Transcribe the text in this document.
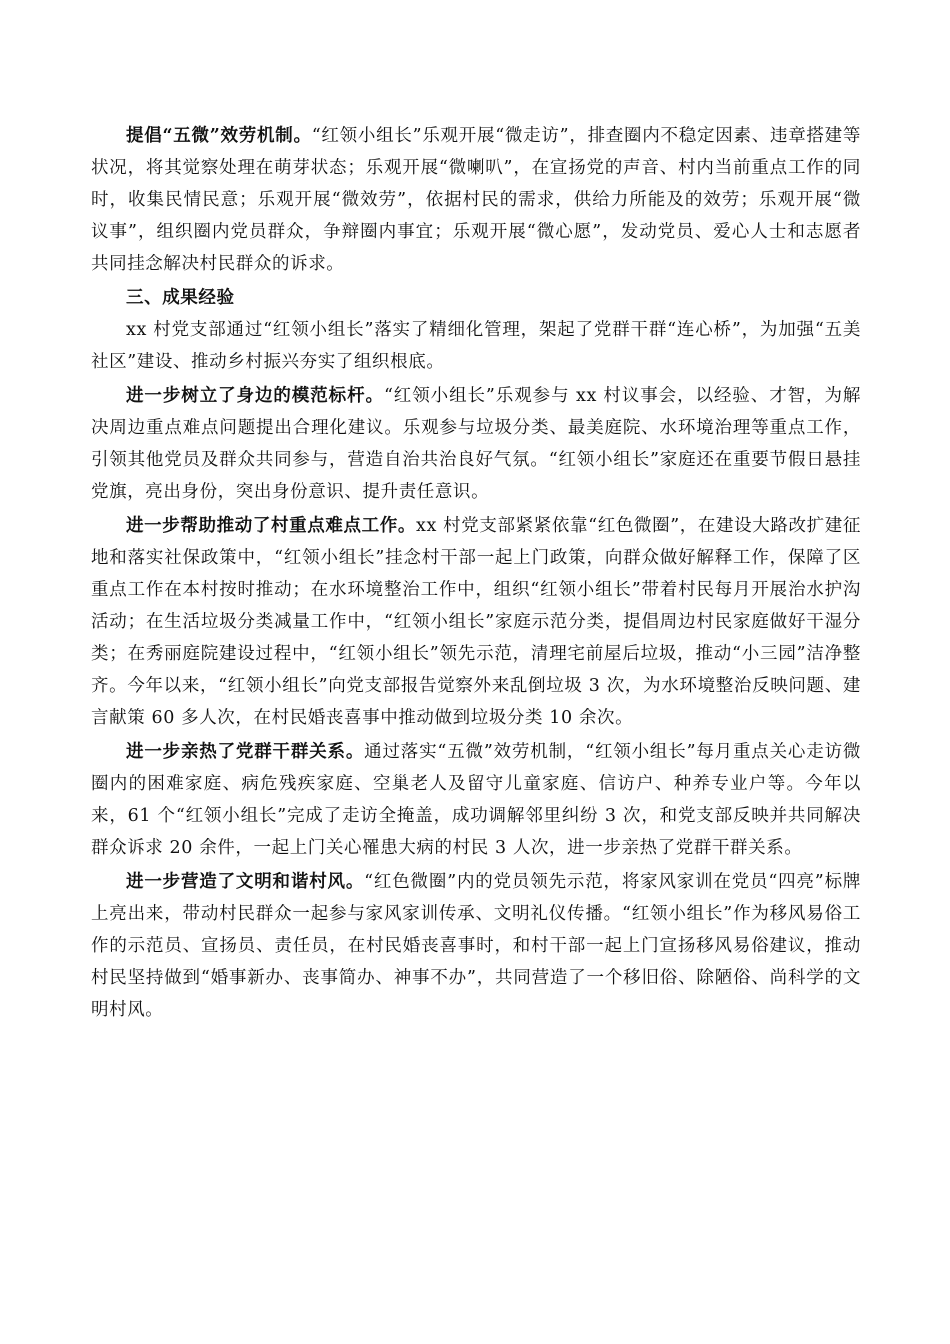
提倡“五微”效劳机制。“红领小组长”乐观开展“微走访”，排查圈内不稳定因素、违章搭建等状况，将其觉察处理在萌芽状态；乐观开展“微喇叭”，在宣扬党的声音、村内当前重点工作的同时，收集民情民意；乐观开展“微效劳”，依据村民的需求，供给力所能及的效劳；乐观开展“微议事”，组织圈内党员群众，争辩圈内事宜；乐观开展“微心愿”，发动党员、爱心人士和志愿者共同挂念解决村民群众的诉求。

三、成果经验

xx 村党支部通过“红领小组长”落实了精细化管理，架起了党群干群“连心桥”，为加强“五美社区”建设、推动乡村振兴夯实了组织根底。

进一步树立了身边的模范标杆。“红领小组长”乐观参与 xx 村议事会，以经验、才智，为解决周边重点难点问题提出合理化建议。乐观参与垃圾分类、最美庭院、水环境治理等重点工作，引领其他党员及群众共同参与，营造自治共治良好气氛。“红领小组长”家庭还在重要节假日悬挂党旗，亮出身份，突出身份意识、提升责任意识。

进一步帮助推动了村重点难点工作。xx 村党支部紧紧依靠“红色微圈”，在建设大路改扩建征地和落实社保政策中，“红领小组长”挂念村干部一起上门政策，向群众做好解释工作，保障了区重点工作在本村按时推动；在水环境整治工作中，组织“红领小组长”带着村民每月开展治水护沟活动；在生活垃圾分类减量工作中，“红领小组长”家庭示范分类，提倡周边村民家庭做好干湿分类；在秀丽庭院建设过程中，“红领小组长”领先示范，清理宅前屋后垃圾，推动“小三园”洁净整齐。今年以来，“红领小组长”向党支部报告觉察外来乱倒垃圾 3 次，为水环境整治反映问题、建言献策 60 多人次，在村民婚丧喜事中推动做到垃圾分类 10 余次。

进一步亲热了党群干群关系。通过落实“五微”效劳机制，“红领小组长”每月重点关心走访微圈内的困难家庭、病危残疾家庭、空巢老人及留守儿童家庭、信访户、种养专业户等。今年以来，61 个“红领小组长”完成了走访全掩盖，成功调解邻里纠纷 3 次，和党支部反映并共同解决群众诉求 20 余件，一起上门关心罹患大病的村民 3 人次，进一步亲热了党群干群关系。

进一步营造了文明和谐村风。“红色微圈”内的党员领先示范，将家风家训在党员“四亮”标牌上亮出来，带动村民群众一起参与家风家训传承、文明礼仪传播。“红领小组长”作为移风易俗工作的示范员、宣扬员、责任员，在村民婚丧喜事时，和村干部一起上门宣扬移风易俗建议，推动村民坚持做到“婚事新办、丧事简办、神事不办”，共同营造了一个移旧俗、除陋俗、尚科学的文明村风。
